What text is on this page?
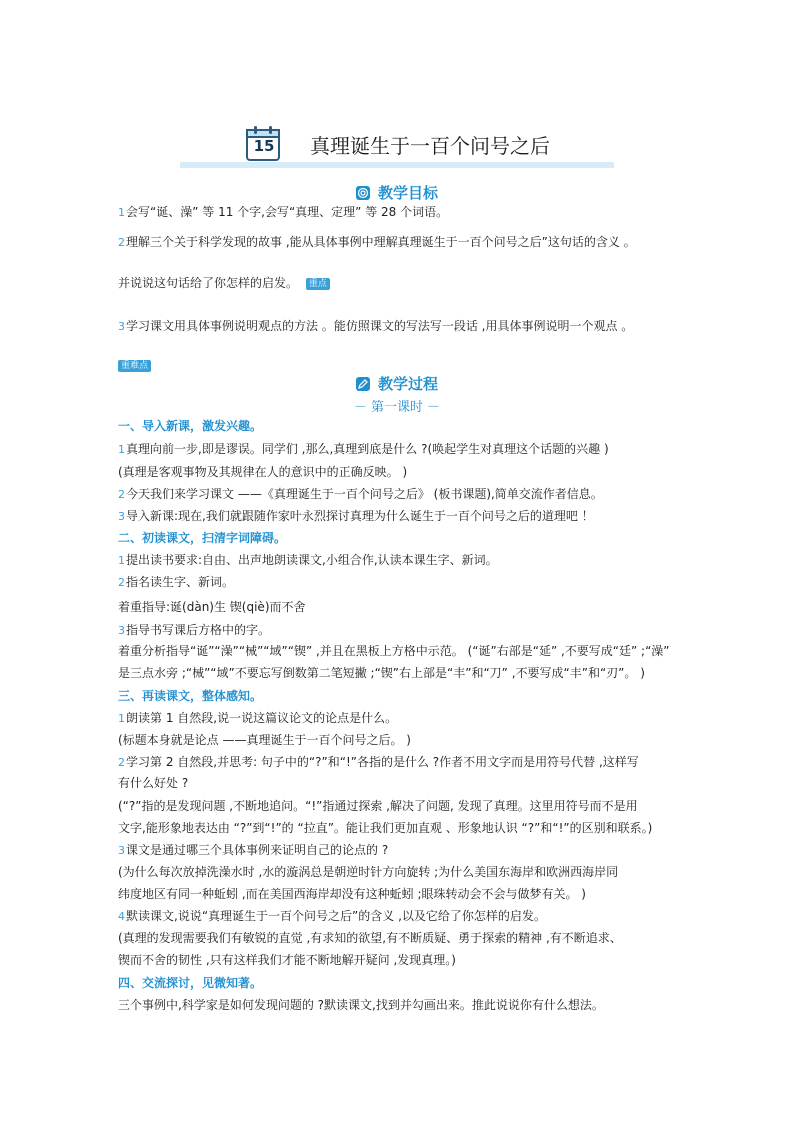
15 真理诞生于一百个问号之后
教学目标
1会写“诞、澡” 等 11 个字,会写“真理、定理” 等 28 个词语。
2理解三个关于科学发现的故事 ,能从具体事例中理解真理诞生于一百个问号之后”这句话的含义 。
并说说这句话给了你怎样的启发。 重点
3学习课文用具体事例说明观点的方法 。能仿照课文的写法写一段话 ,用具体事例说明一个观点 。
重难点
教学过程
－ 第一课时 －
一、导入新课，激发兴趣。
1真理向前一步,即是谬误。同学们 ,那么,真理到底是什么 ?(唤起学生对真理这个话题的兴趣 )
(真理是客观事物及其规律在人的意识中的正确反映。 )
2今天我们来学习课文 ——《真理诞生于一百个问号之后》 (板书课题),简单交流作者信息。
3导入新课:现在,我们就跟随作家叶永烈探讨真理为什么诞生于一百个问号之后的道理吧 ！
二、初读课文，扫清字词障碍。
1提出读书要求:自由、出声地朗读课文,小组合作,认读本课生字、新词。
2指名读生字、新词。
着重指导:诞(dàn)生 锲(qiè)而不舍
3指导书写课后方格中的字。
着重分析指导“诞”“澡”“械”“域”“锲” ,并且在黑板上方格中示范。 (“诞”右部是“延” ,不要写成“廷” ;“澡”
是三点水旁 ;“械”“域”不要忘写倒数第二笔短撇 ;“锲”右上部是“丰”和“刀” ,不要写成“丰”和“刃”。 )
三、再读课文，整体感知。
1朗读第 1 自然段,说一说这篇议论文的论点是什么。
(标题本身就是论点 ——真理诞生于一百个问号之后。 )
2学习第 2 自然段,并思考: 句子中的“?”和“!”各指的是什么 ?作者不用文字而是用符号代替 ,这样写
有什么好处 ?
(“?”指的是发现问题 ,不断地追问。“!”指通过探索 ,解决了问题, 发现了真理。这里用符号而不是用
文字,能形象地表达由 “?”到“!”的 “拉直”。能让我们更加直观 、形象地认识 “?”和“!”的区别和联系。)
3课文是通过哪三个具体事例来证明自己的论点的 ?
(为什么每次放掉洗澡水时 ,水的漩涡总是朝逆时针方向旋转 ;为什么美国东海岸和欧洲西海岸同
纬度地区有同一种蚯蚓 ,而在美国西海岸却没有这种蚯蚓 ;眼珠转动会不会与做梦有关。 )
4默读课文,说说“真理诞生于一百个问号之后”的含义 ,以及它给了你怎样的启发。
(真理的发现需要我们有敏锐的直觉 ,有求知的欲望,有不断质疑、勇于探索的精神 ,有不断追求、
锲而不舍的韧性 ,只有这样我们才能不断地解开疑问 ,发现真理。)
四、交流探讨，见微知著。
三个事例中,科学家是如何发现问题的 ?默读课文,找到并勾画出来。推此说说你有什么想法。
